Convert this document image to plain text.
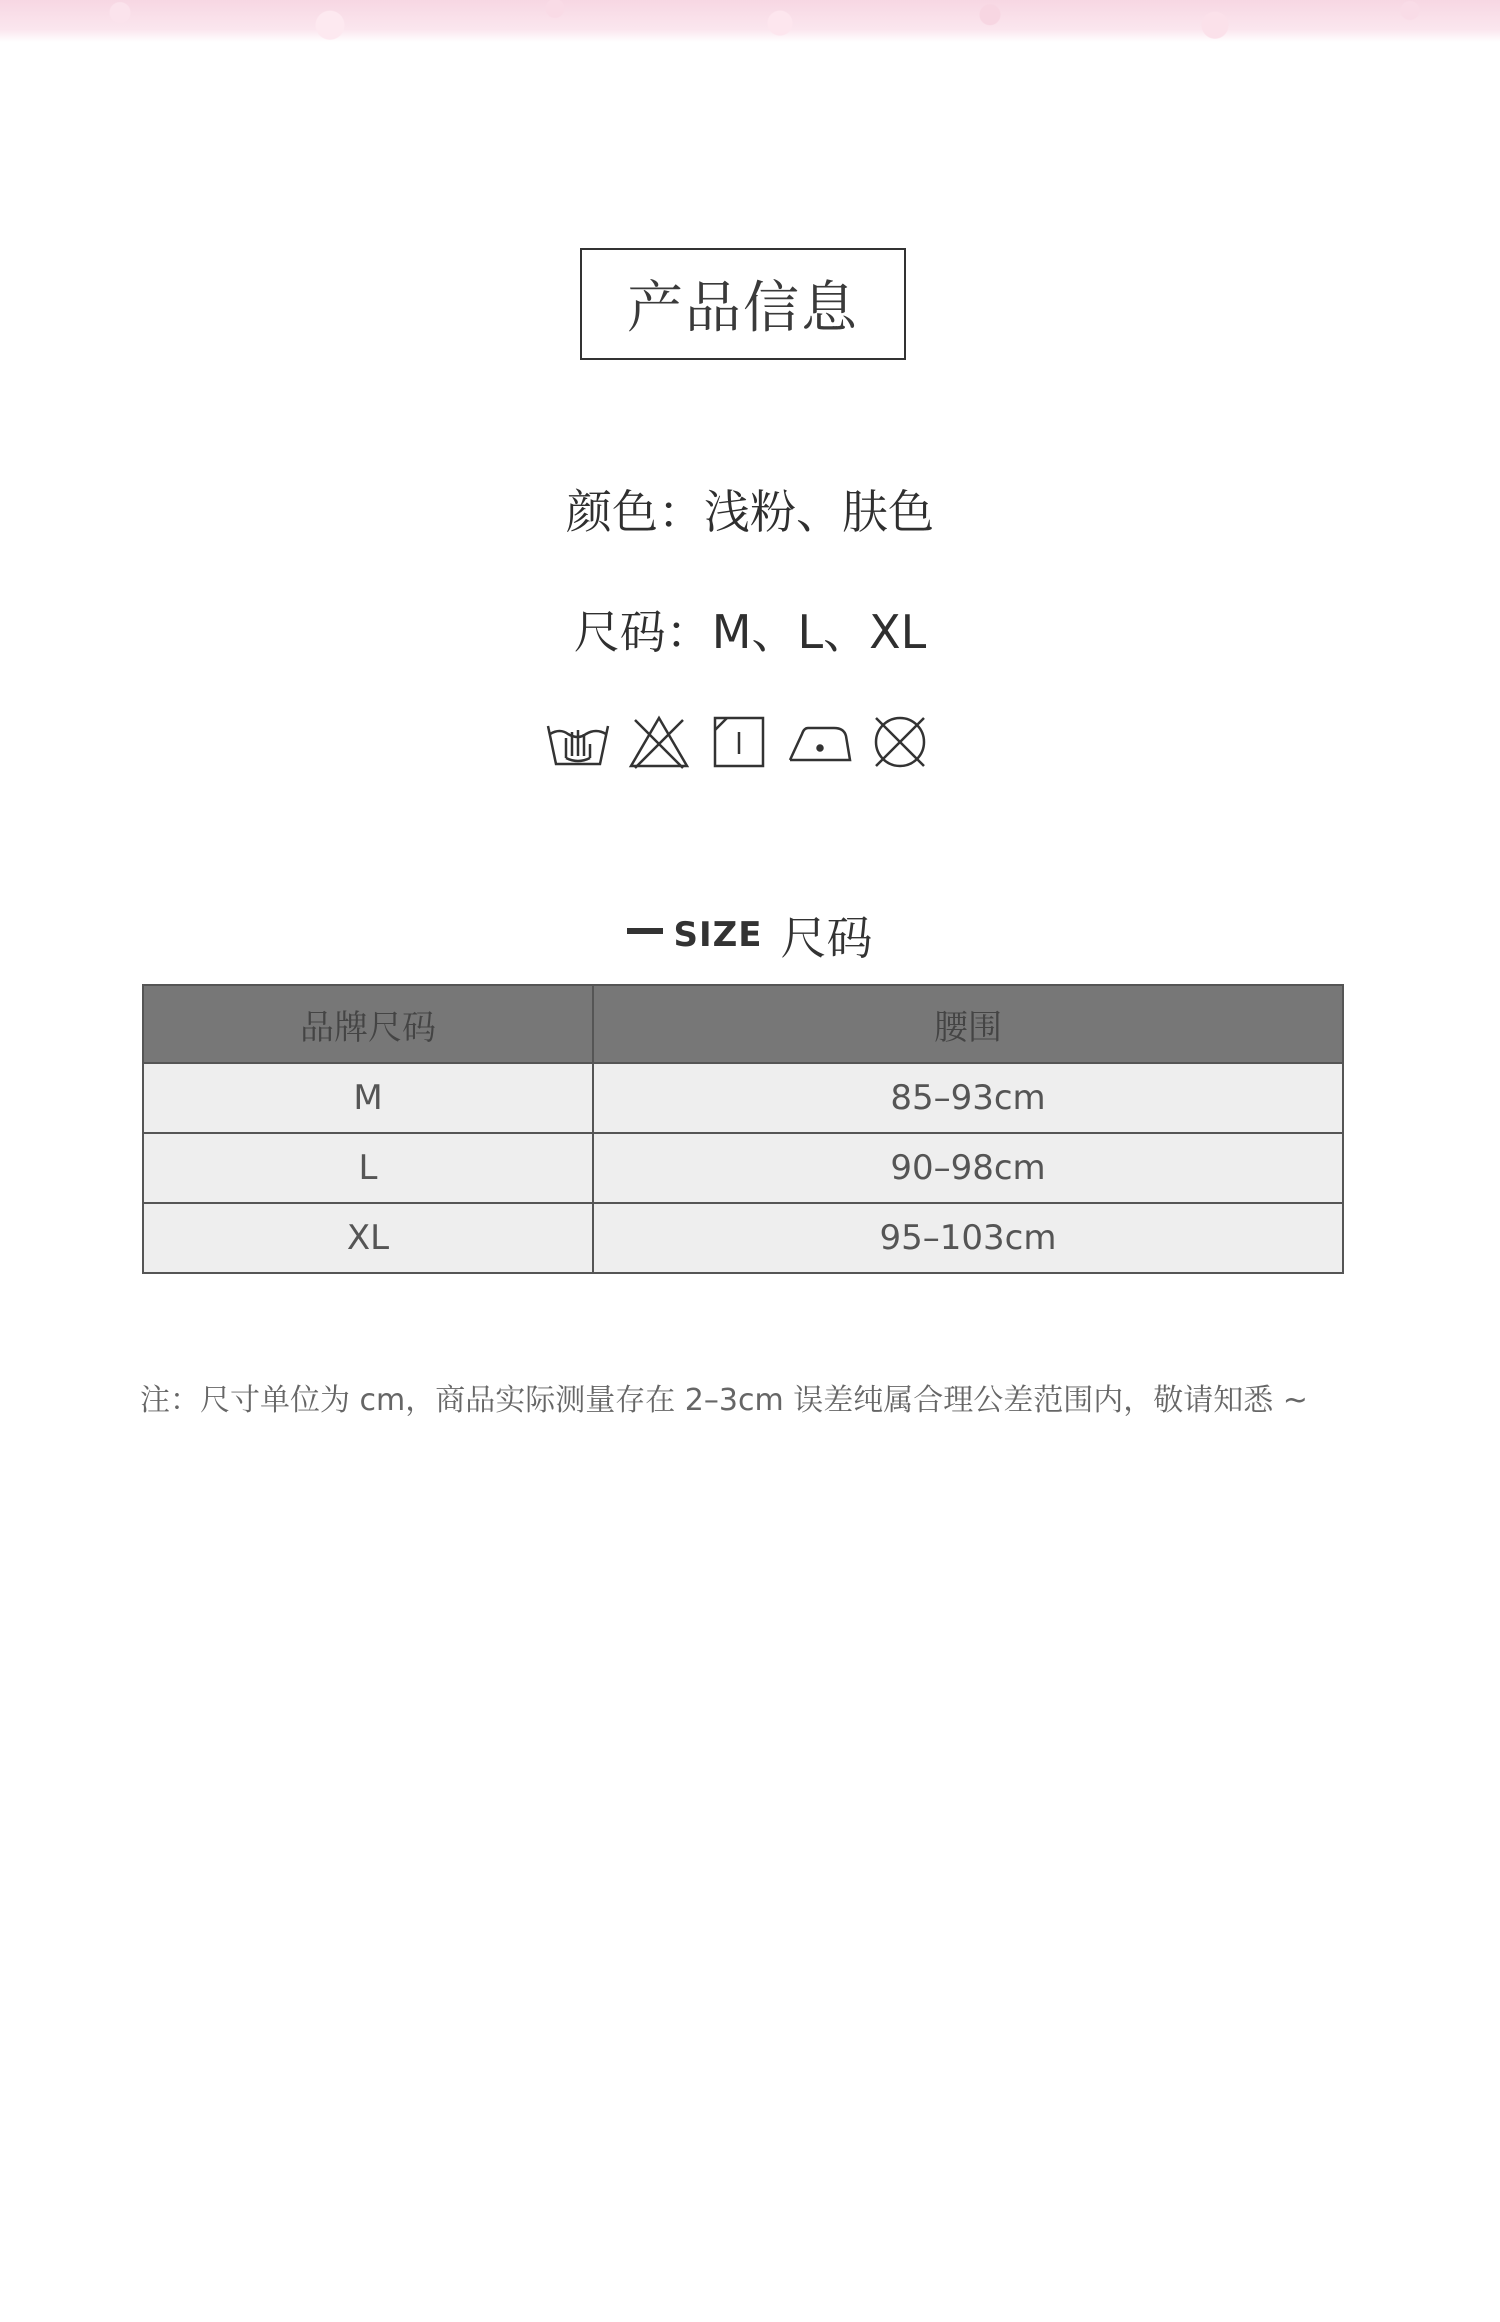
产品信息
颜色：浅粉、肤色
尺码：M、L、XL
SIZE 尺码
品牌尺码	腰围
M	85–93cm
L	90–98cm
XL	95–103cm
注：尺寸单位为 cm，商品实际测量存在 2–3cm 误差纯属合理公差范围内，敬请知悉 ~
